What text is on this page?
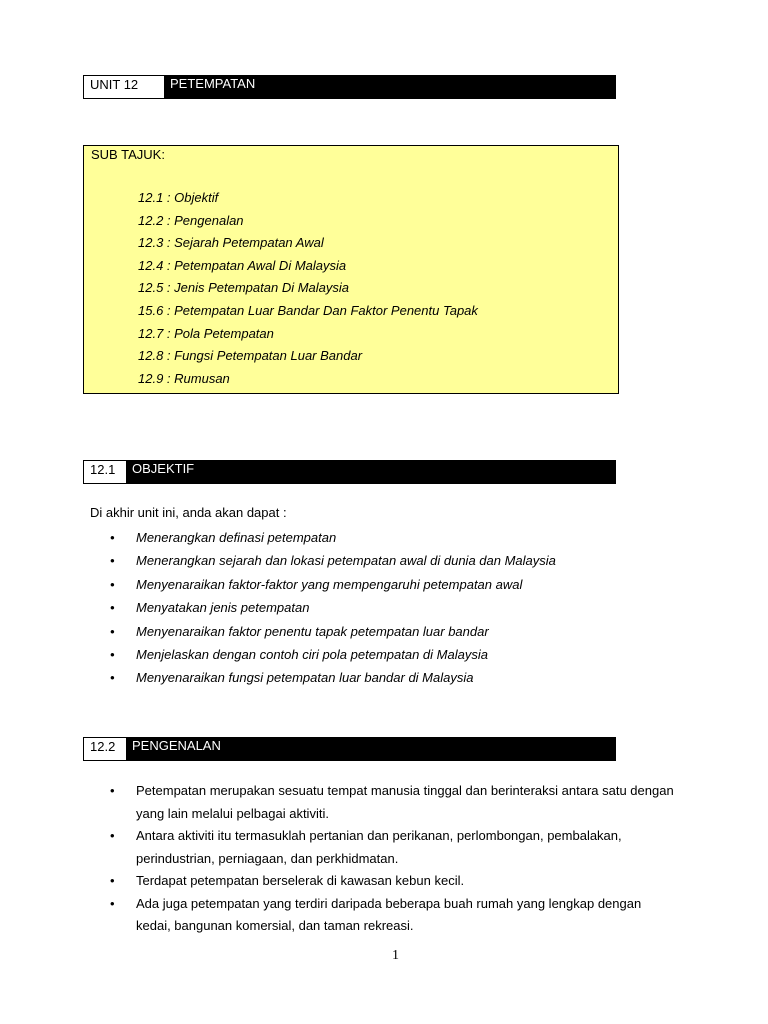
UNIT 12	PETEMPATAN
SUB TAJUK:
12.1 : Objektif
12.2 : Pengenalan
12.3 : Sejarah Petempatan Awal
12.4 : Petempatan Awal Di Malaysia
12.5 : Jenis Petempatan Di Malaysia
15.6 : Petempatan Luar Bandar Dan Faktor Penentu Tapak
12.7 : Pola Petempatan
12.8 : Fungsi Petempatan Luar Bandar
12.9 : Rumusan
12.1	OBJEKTIF
Di akhir unit ini, anda akan dapat :
• Menerangkan definasi petempatan
• Menerangkan sejarah dan lokasi petempatan awal di dunia dan Malaysia
• Menyenaraikan faktor-faktor yang mempengaruhi petempatan awal
• Menyatakan jenis petempatan
• Menyenaraikan faktor penentu tapak petempatan luar bandar
• Menjelaskan dengan contoh ciri pola petempatan di Malaysia
• Menyenaraikan fungsi petempatan luar bandar di Malaysia
12.2	PENGENALAN
• Petempatan merupakan sesuatu tempat manusia tinggal dan berinteraksi antara satu dengan yang lain melalui pelbagai aktiviti.
• Antara aktiviti itu termasuklah pertanian dan perikanan, perlombongan, pembalakan, perindustrian, perniagaan, dan perkhidmatan.
• Terdapat petempatan berselerak di kawasan kebun kecil.
• Ada juga petempatan yang terdiri daripada beberapa buah rumah yang lengkap dengan kedai, bangunan komersial, dan taman rekreasi.
1
